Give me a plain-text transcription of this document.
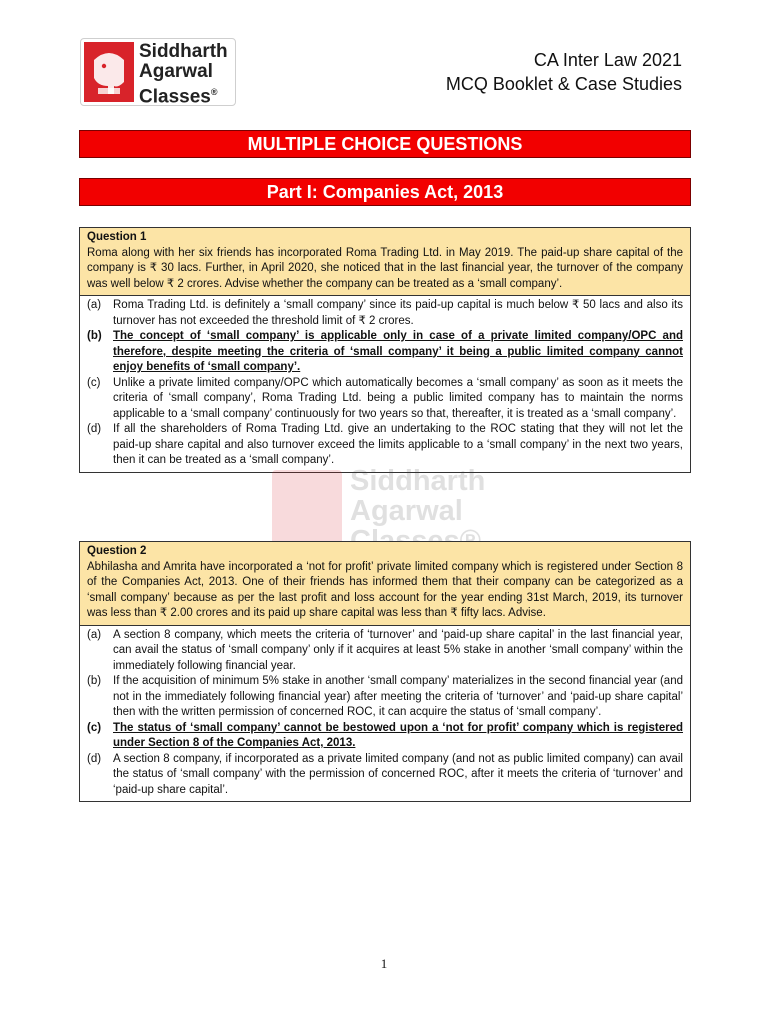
Siddharth
Agarwal
Classes®
CA Inter Law 2021
MCQ Booklet & Case Studies
MULTIPLE CHOICE QUESTIONS
Part I: Companies Act, 2013
Question 1
Roma along with her six friends has incorporated Roma Trading Ltd. in May 2019. The paid-up share capital of the company is ₹ 30 lacs. Further, in April 2020, she noticed that in the last financial year, the turnover of the company was well below ₹ 2 crores. Advise whether the company can be treated as a ‘small company’.
(a)	Roma Trading Ltd. is definitely a ‘small company’ since its paid-up capital is much below ₹ 50 lacs and also its turnover has not exceeded the threshold limit of ₹ 2 crores.
(b) The concept of ‘small company’ is applicable only in case of a private limited company/OPC and therefore, despite meeting the criteria of ‘small company’ it being a public limited company cannot enjoy benefits of ‘small company’.
(c)	Unlike a private limited company/OPC which automatically becomes a ‘small company’ as soon as it meets the criteria of ‘small company’, Roma Trading Ltd. being a public limited company has to maintain the norms applicable to a ‘small company’ continuously for two years so that, thereafter, it is treated as a ‘small company’.
(d)	If all the shareholders of Roma Trading Ltd. give an undertaking to the ROC stating that they will not let the paid-up share capital and also turnover exceed the limits applicable to a ‘small company’ in the next two years, then it can be treated as a ‘small company’.
Siddharth
Agarwal
Classes®
Question 2
Abhilasha and Amrita have incorporated a ‘not for profit’ private limited company which is registered under Section 8 of the Companies Act, 2013. One of their friends has informed them that their company can be categorized as a ‘small company’ because as per the last profit and loss account for the year ending 31st March, 2019, its turnover was less than ₹ 2.00 crores and its paid up share capital was less than ₹ fifty lacs. Advise.
(a)	A section 8 company, which meets the criteria of ‘turnover’ and ‘paid-up share capital’ in the last financial year, can avail the status of ‘small company’ only if it acquires at least 5% stake in another ‘small company’ within the immediately following financial year.
(b)	If the acquisition of minimum 5% stake in another ‘small company’ materializes in the second financial year (and not in the immediately following financial year) after meeting the criteria of ‘turnover’ and ‘paid-up share capital’ then with the written permission of concerned ROC, it can acquire the status of ‘small company’.
(c)	The status of ‘small company’ cannot be bestowed upon a ‘not for profit’ company which is registered under Section 8 of the Companies Act, 2013.
(d)	A section 8 company, if incorporated as a private limited company (and not as public limited company) can avail the status of ‘small company’ with the permission of concerned ROC, after it meets the criteria of ‘turnover’ and ‘paid-up share capital’.
1
